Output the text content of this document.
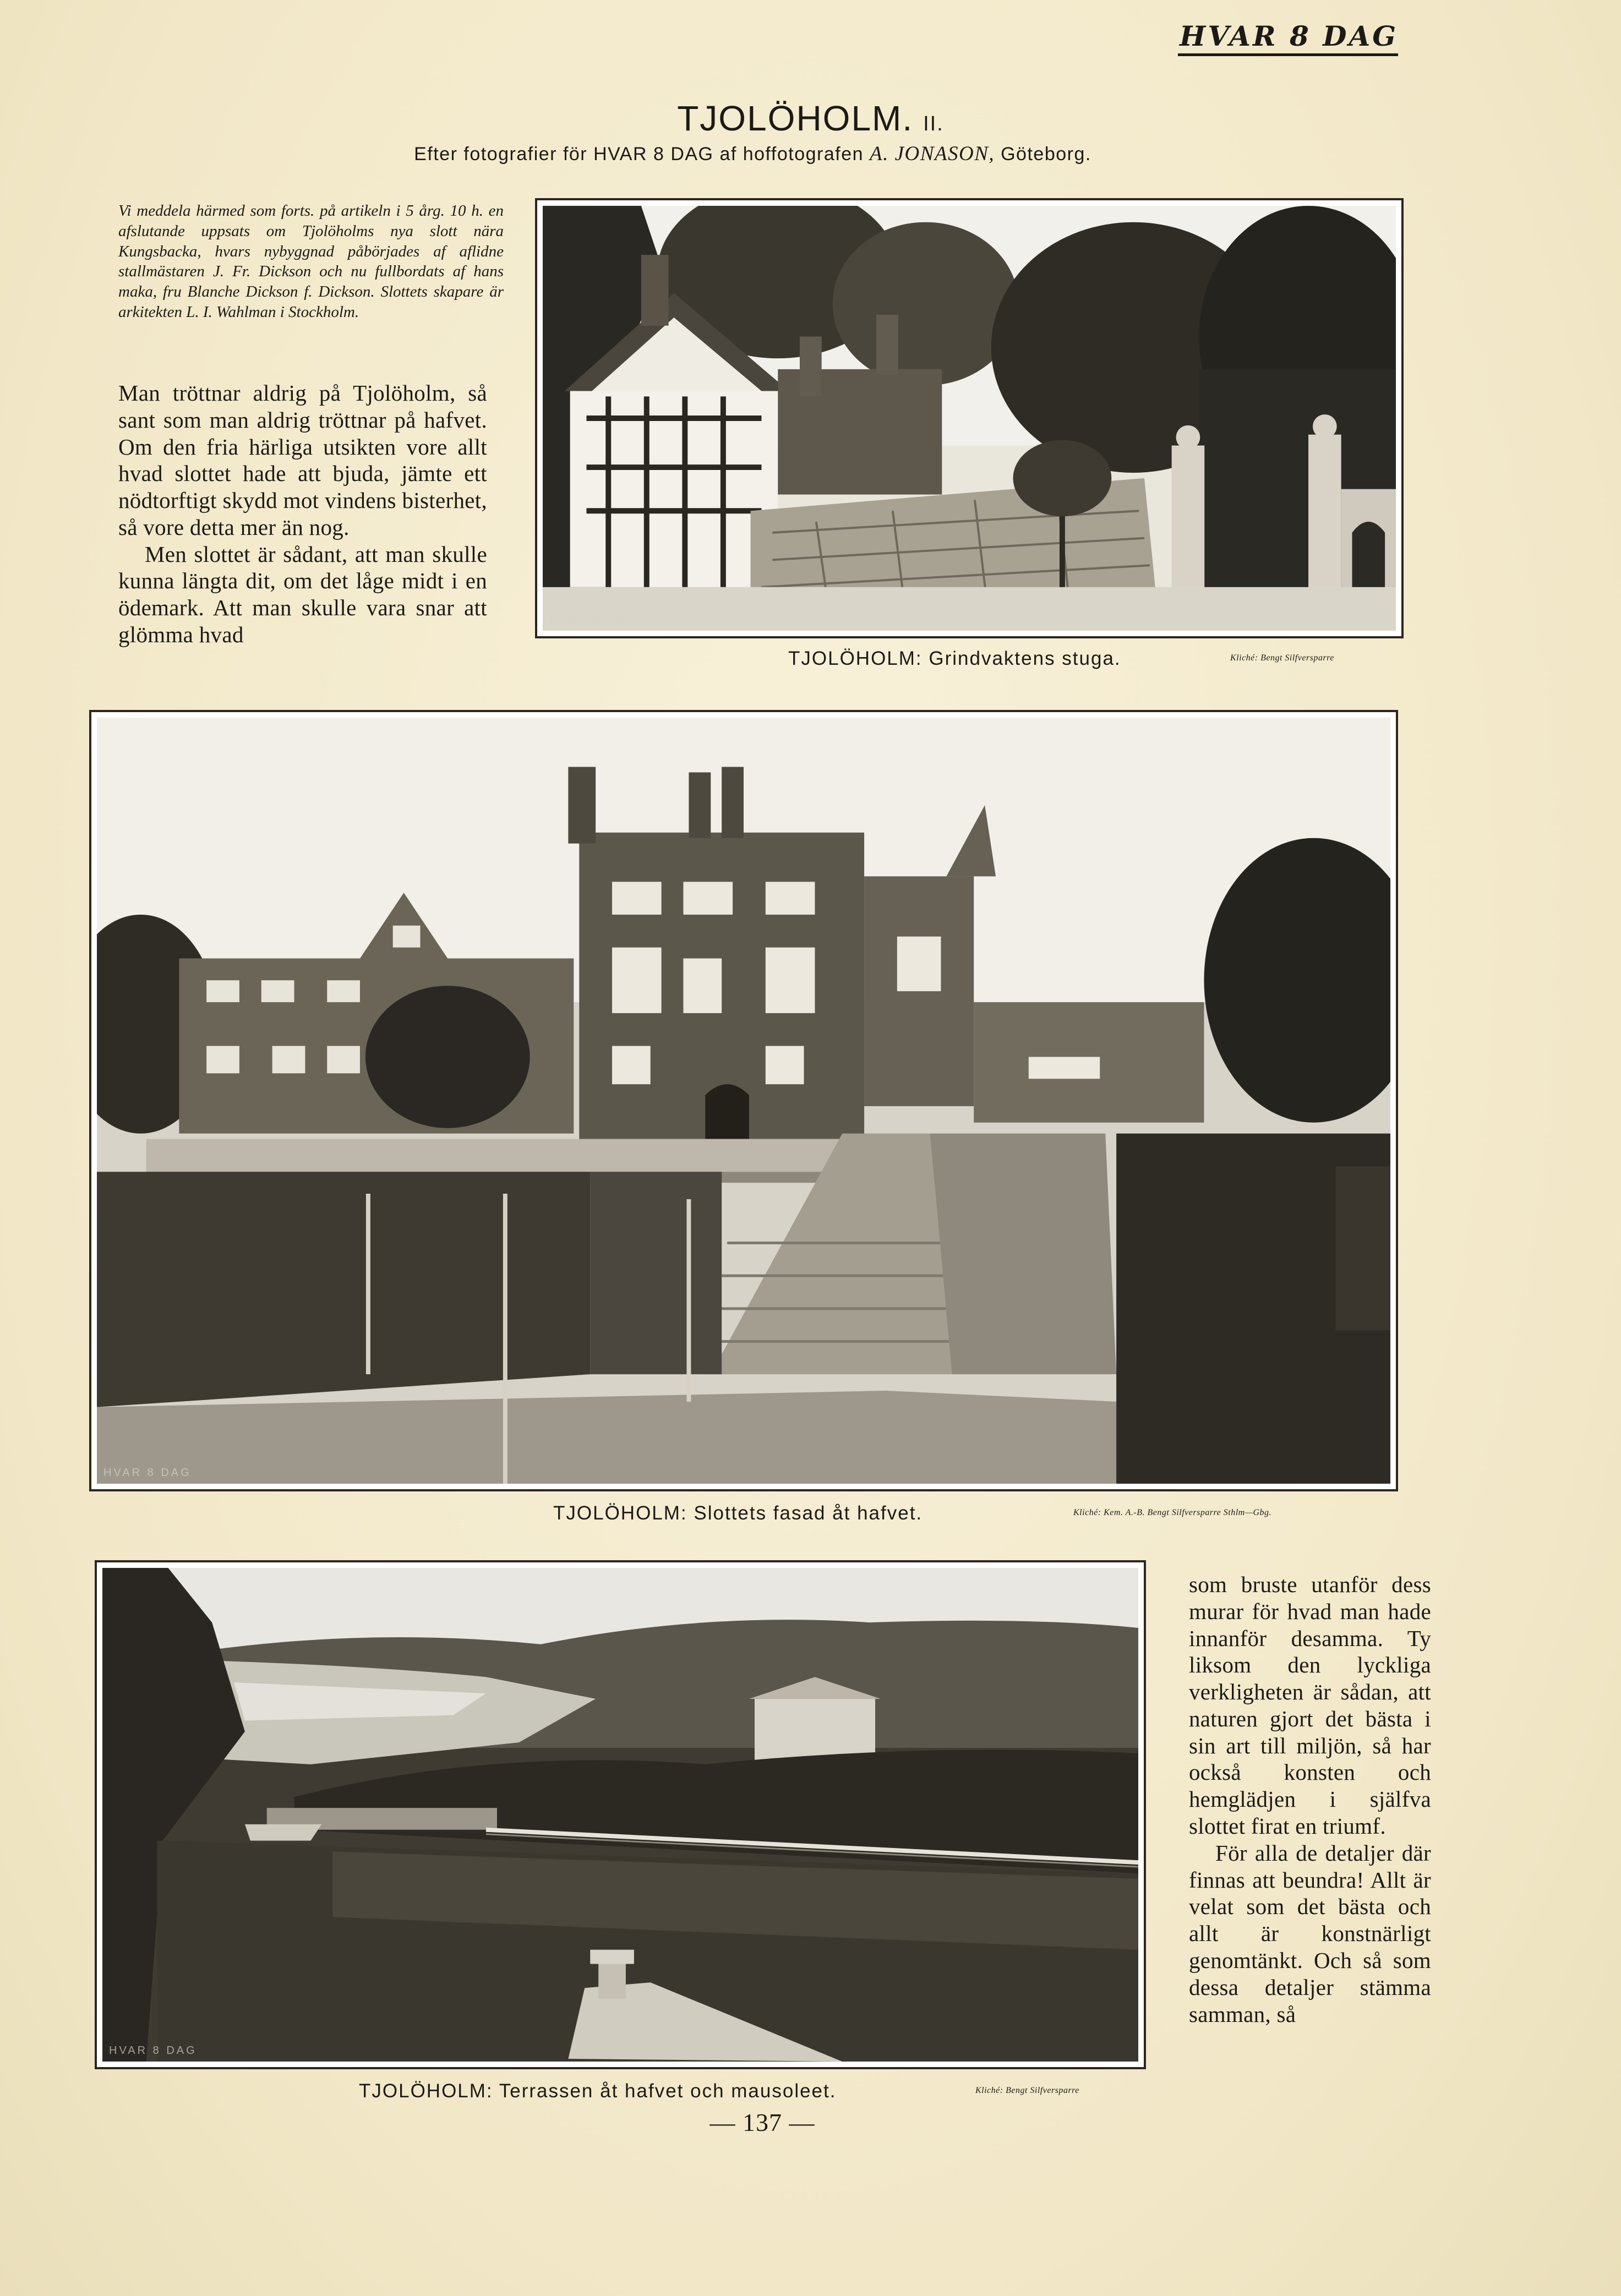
HVAR 8 DAG
TJOLÖHOLM. II.
Efter fotografier för HVAR 8 DAG af hoffotografen A. JONASON, Göteborg.
Vi meddela härmed som forts. på artikeln i 5 årg. 10 h. en afslutande uppsats om Tjolöholms nya slott nära Kungsbacka, hvars nybyggnad påbörjades af aflidne stallmästaren J. Fr. Dickson och nu fullbordats af hans maka, fru Blanche Dickson f. Dickson. Slottets skapare är arkitekten L. I. Wahlman i Stockholm.

Man tröttnar aldrig på Tjolöholm, så sant som man aldrig tröttnar på hafvet. Om den fria härliga utsikten vore allt hvad slottet hade att bjuda, jämte ett nödtorftigt skydd mot vindens bisterhet, så vore detta mer än nog.

Men slottet är sådant, att man skulle kunna längta dit, om det låge midt i en ödemark. Att man skulle vara snar att glömma hvad

HVAR 8 DAG
TJOLÖHOLM: Grindvaktens stuga.	Kliché: Bengt Silfversparre
HVAR 8 DAG
TJOLÖHOLM: Slottets fasad åt hafvet.	Kliché: Kem. A.-B. Bengt Silfversparre Sthlm—Gbg.
HVAR 8 DAG
TJOLÖHOLM: Terrassen åt hafvet och mausoleet.	Kliché: Bengt Silfversparre

som bruste utanför dess murar för hvad man hade innanför desamma. Ty liksom den lyckliga verkligheten är sådan, att naturen gjort det bästa i sin art till miljön, så har också konsten och hemglädjen i själfva slottet firat en triumf.

För alla de detaljer där finnas att beundra! Allt är velat som det bästa och allt är konstnärligt genomtänkt. Och så som dessa detaljer stämma samman, så

— 137 —
